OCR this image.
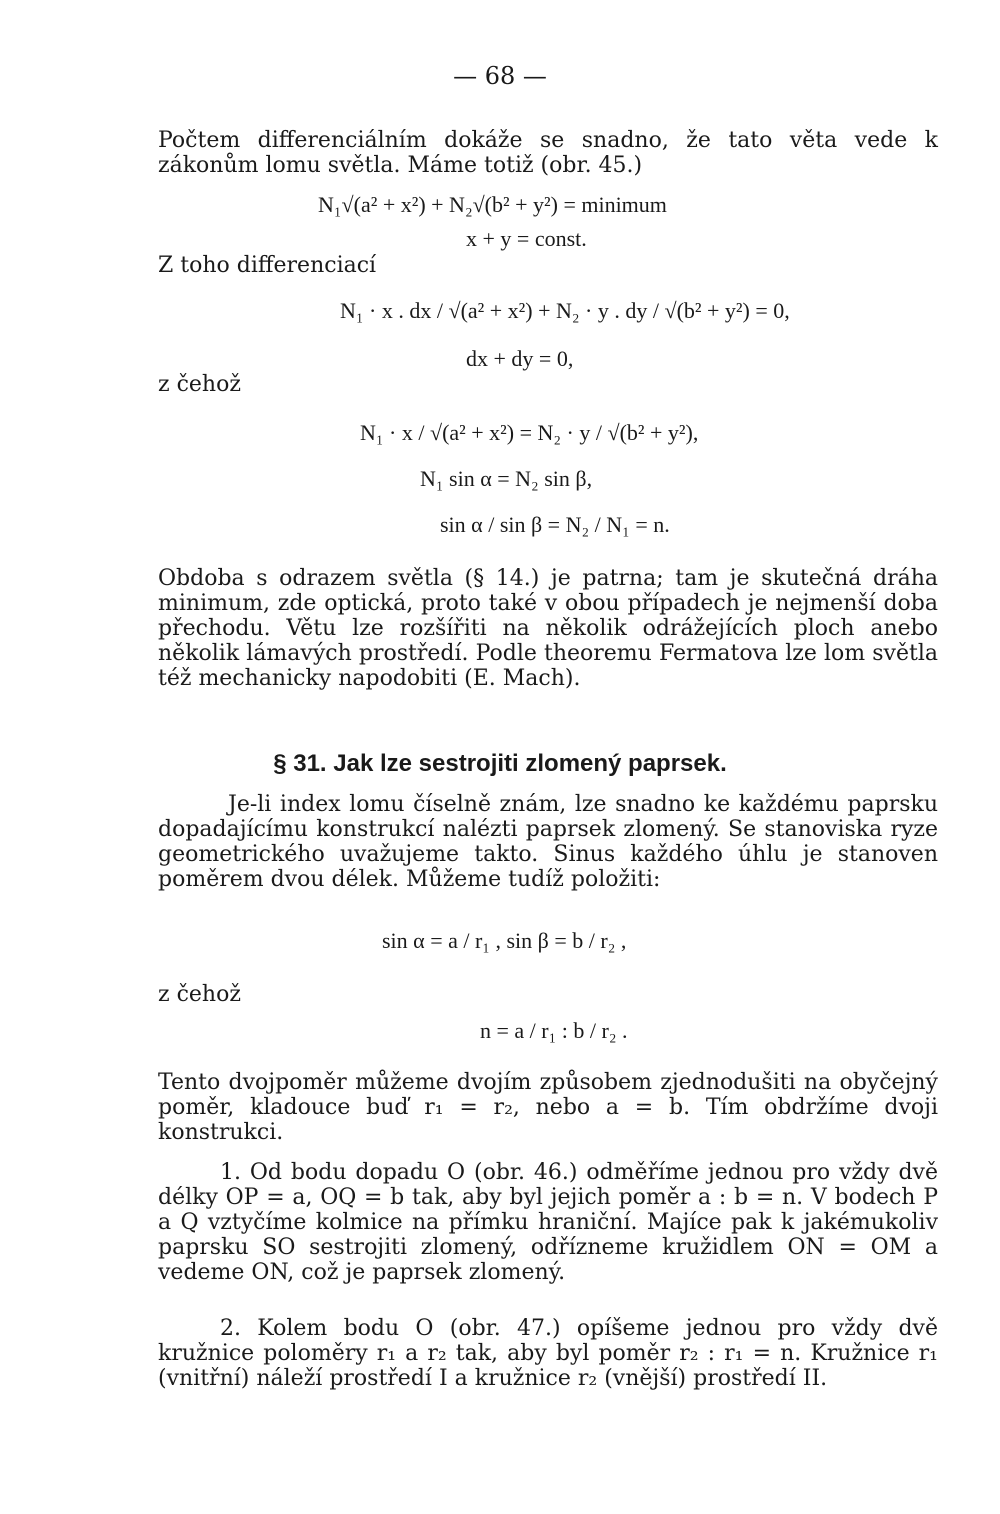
— 68 —

Počtem differenciálním dokáže se snadno, že tato věta vede k zákonům lomu světla. Máme totiž (obr. 45.)

N₁√(a² + x²) + N₂√(b² + y²) = minimum
x + y = const.
Z toho differenciací
N₁ · x . dx / √(a² + x²) + N₂ · y . dy / √(b² + y²) = 0,
dx + dy = 0,
z čehož
N₁ · x / √(a² + x²) = N₂ · y / √(b² + y²),
N₁ sin α = N₂ sin β,
sin α / sin β = N₂ / N₁ = n.

Obdoba s odrazem světla (§ 14.) je patrna; tam je skutečná dráha minimum, zde optická, proto také v obou případech je nejmenší doba přechodu. Větu lze rozšířiti na několik odrážejících ploch anebo několik lámavých prostředí. Podle theoremu Fermatova lze lom světla též mechanicky napodobiti (E. Mach).

§ 31. Jak lze sestrojiti zlomený paprsek.

Je-li index lomu číselně znám, lze snadno ke každému paprsku dopadajícímu konstrukcí nalézti paprsek zlomený. Se stanoviska ryze geometrického uvažujeme takto. Sinus každého úhlu je stanoven poměrem dvou délek. Můžeme tudíž položiti:

sin α = a / r₁ , sin β = b / r₂ ,
z čehož
n = a / r₁ : b / r₂ .

Tento dvojpoměr můžeme dvojím způsobem zjednodušiti na obyčejný poměr, kladouce buď r₁ = r₂, nebo a = b. Tím obdržíme dvoji konstrukci.

1. Od bodu dopadu O (obr. 46.) odměříme jednou pro vždy dvě délky OP = a, OQ = b tak, aby byl jejich poměr a : b = n. V bodech P a Q vztyčíme kolmice na přímku hraniční. Majíce pak k jakémukoliv paprsku SO sestrojiti zlomený, odřízneme kružidlem ON = OM a vedeme ON, což je paprsek zlomený.

2. Kolem bodu O (obr. 47.) opíšeme jednou pro vždy dvě kružnice poloměry r₁ a r₂ tak, aby byl poměr r₂ : r₁ = n. Kružnice r₁ (vnitřní) náleží prostředí I a kružnice r₂ (vnější) prostředí II.
